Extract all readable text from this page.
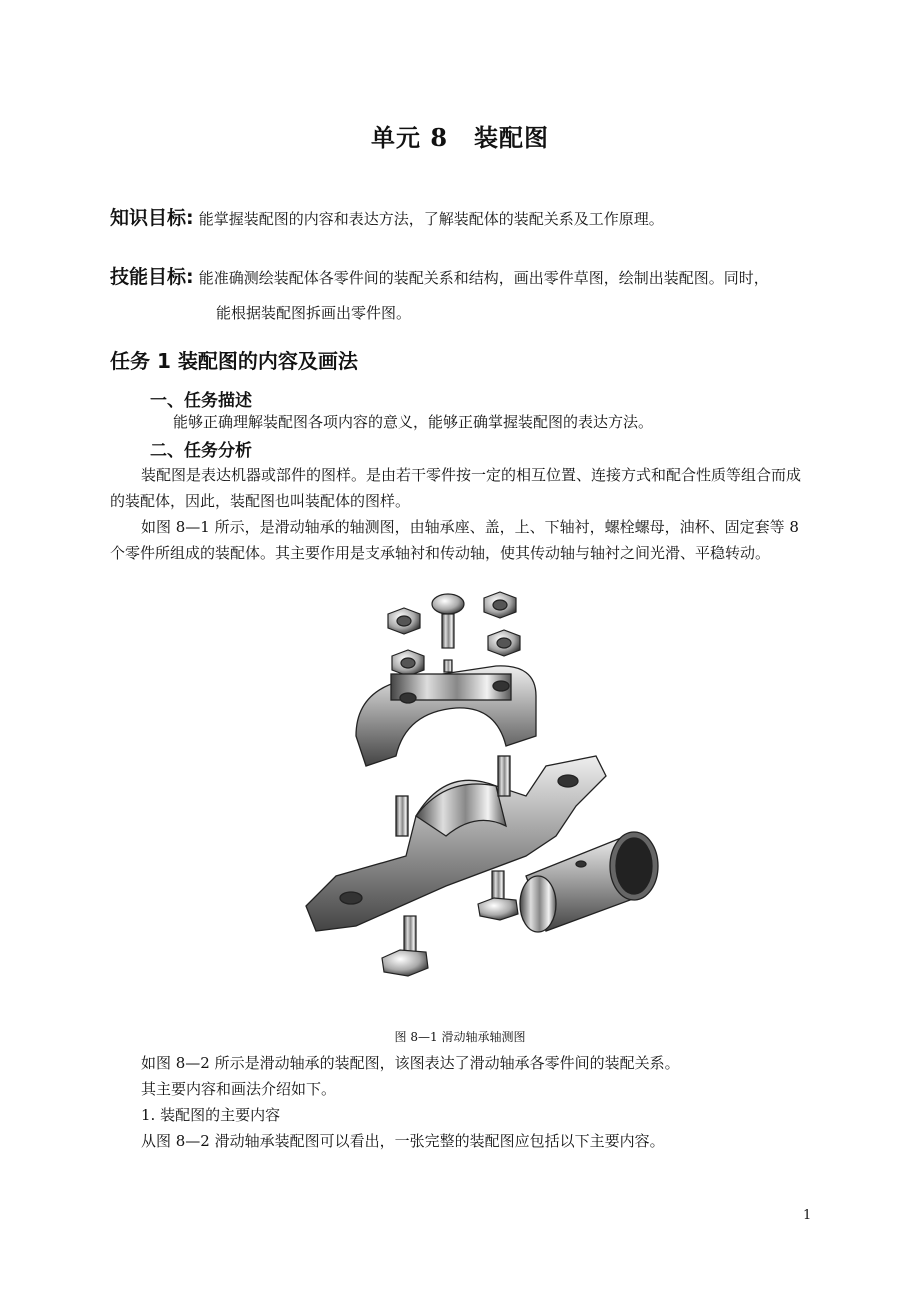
单元 8 装配图
知识目标: 能掌握装配图的内容和表达方法，了解装配体的装配关系及工作原理。
技能目标: 能准确测绘装配体各零件间的装配关系和结构，画出零件草图，绘制出装配图。同时，
能根据装配图拆画出零件图。
任务 1 装配图的内容及画法
一、任务描述
能够正确理解装配图各项内容的意义，能够正确掌握装配图的表达方法。
二、任务分析
装配图是表达机器或部件的图样。是由若干零件按一定的相互位置、连接方式和配合性质等组合而成的装配体，因此，装配图也叫装配体的图样。
如图 8—1 所示，是滑动轴承的轴测图，由轴承座、盖，上、下轴衬，螺栓螺母，油杯、固定套等 8 个零件所组成的装配体。其主要作用是支承轴衬和传动轴，使其传动轴与轴衬之间光滑、平稳转动。
图 8—1 滑动轴承轴测图
如图 8—2 所示是滑动轴承的装配图，该图表达了滑动轴承各零件间的装配关系。
其主要内容和画法介绍如下。
1. 装配图的主要内容
从图 8—2 滑动轴承装配图可以看出，一张完整的装配图应包括以下主要内容。
1
